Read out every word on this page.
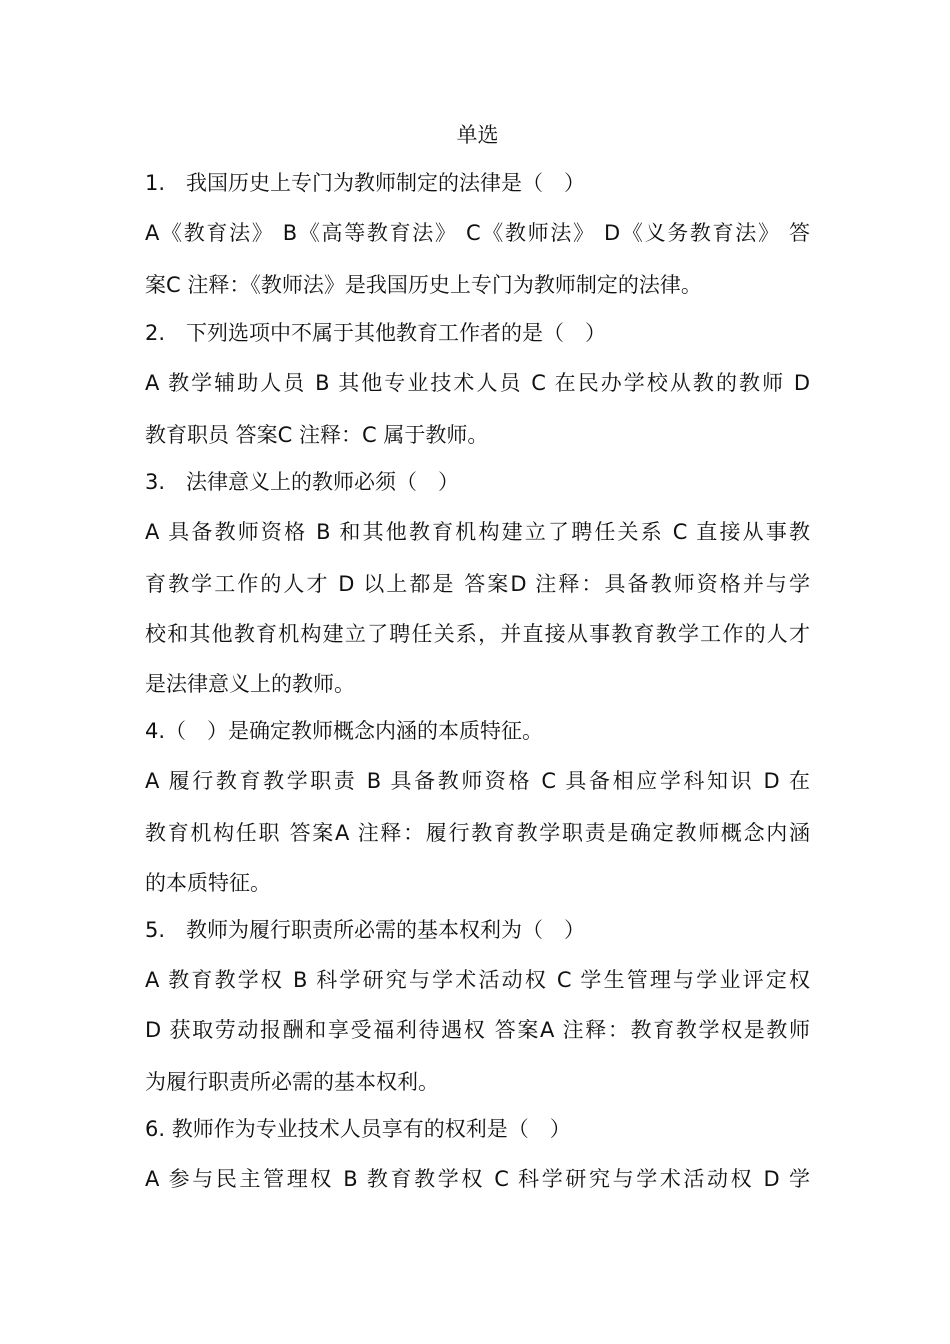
单选
1.　我国历史上专门为教师制定的法律是（　）
A《教育法》 B《高等教育法》 C《教师法》 D《义务教育法》 答
案C 注释：《教师法》是我国历史上专门为教师制定的法律。
2.　下列选项中不属于其他教育工作者的是（　）
A 教学辅助人员 B 其他专业技术人员 C 在民办学校从教的教师 D
教育职员 答案C 注释：C 属于教师。
3.　法律意义上的教师必须（　）
A 具备教师资格 B 和其他教育机构建立了聘任关系 C 直接从事教
育教学工作的人才 D 以上都是 答案D 注释：具备教师资格并与学
校和其他教育机构建立了聘任关系，并直接从事教育教学工作的人才
是法律意义上的教师。
4.（　）是确定教师概念内涵的本质特征。
A 履行教育教学职责 B 具备教师资格 C 具备相应学科知识 D 在
教育机构任职 答案A 注释：履行教育教学职责是确定教师概念内涵
的本质特征。
5.　教师为履行职责所必需的基本权利为（　）
A 教育教学权 B 科学研究与学术活动权 C 学生管理与学业评定权
D 获取劳动报酬和享受福利待遇权 答案A 注释：教育教学权是教师
为履行职责所必需的基本权利。
6. 教师作为专业技术人员享有的权利是（　）
A 参与民主管理权 B 教育教学权 C 科学研究与学术活动权 D 学
